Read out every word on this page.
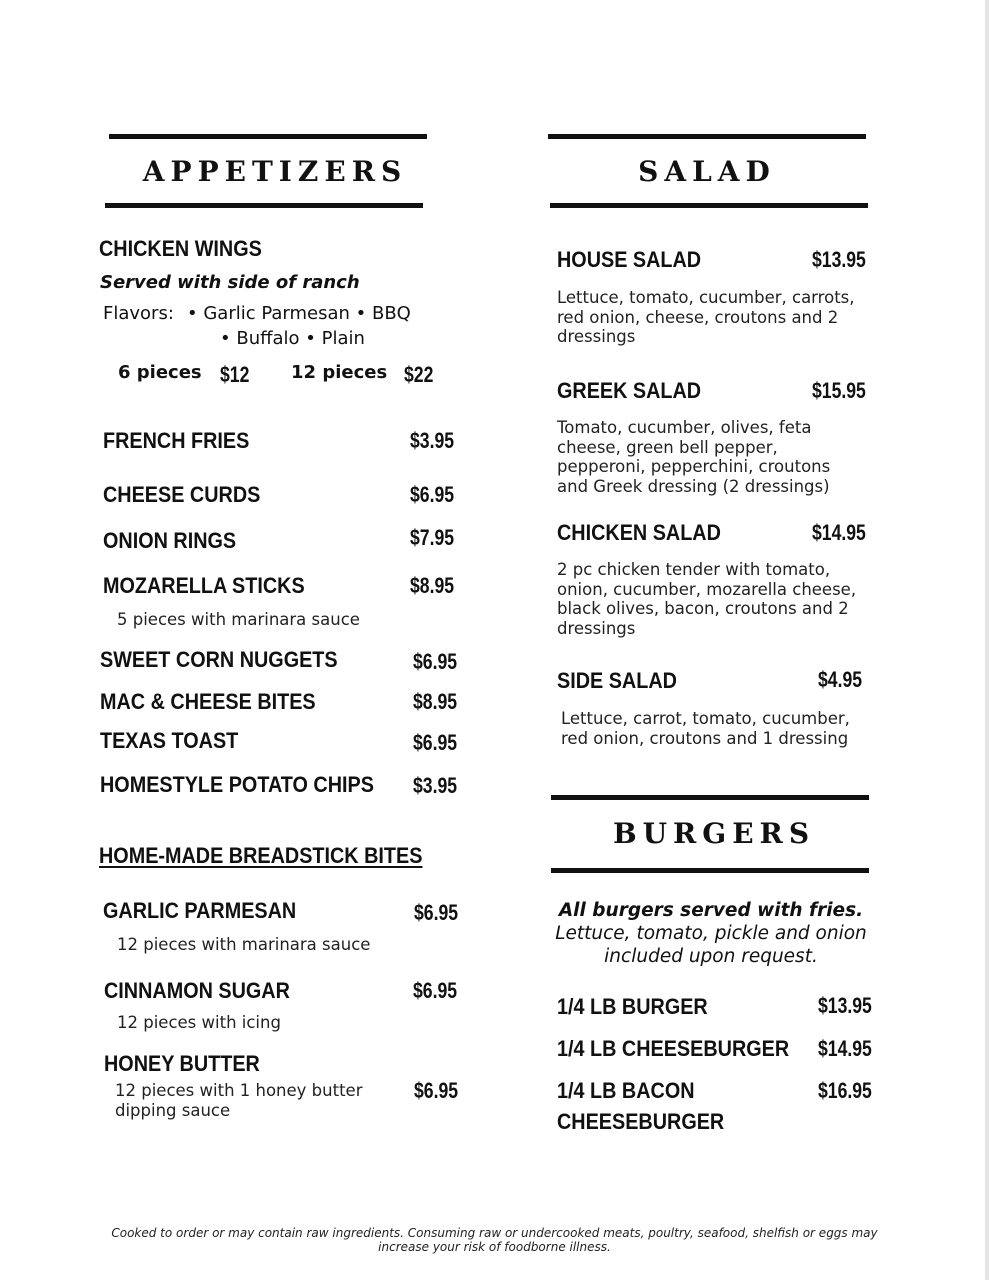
APPETIZERS
CHICKEN WINGS
Served with side of ranch
Flavors: • Garlic Parmesan • BBQ
• Buffalo • Plain
6 pieces $12 12 pieces $22
FRENCH FRIES	$3.95
CHEESE CURDS	$6.95
ONION RINGS	$7.95
MOZARELLA STICKS	$8.95
5 pieces with marinara sauce
SWEET CORN NUGGETS	$6.95
MAC & CHEESE BITES	$8.95
TEXAS TOAST	$6.95
HOMESTYLE POTATO CHIPS $3.95
HOME-MADE BREADSTICK BITES
GARLIC PARMESAN	$6.95
12 pieces with marinara sauce
CINNAMON SUGAR	$6.95
12 pieces with icing
HONEY BUTTER
$6.95
12 pieces with 1 honey butter dipping sauce
SALAD
HOUSE SALAD	$13.95
Lettuce, tomato, cucumber, carrots, red onion, cheese, croutons and 2 dressings
GREEK SALAD	$15.95
Tomato, cucumber, olives, feta cheese, green bell pepper, pepperoni, pepperchini, croutons and Greek dressing (2 dressings)
CHICKEN SALAD	$14.95
2 pc chicken tender with tomato, onion, cucumber, mozarella cheese, black olives, bacon, croutons and 2 dressings
SIDE SALAD	$4.95
Lettuce, carrot, tomato, cucumber, red onion, croutons and 1 dressing
BURGERS
All burgers served with fries.
Lettuce, tomato, pickle and onion
included upon request.
1/4 LB BURGER	$13.95
1/4 LB CHEESEBURGER $14.95
1/4 LB BACON
CHEESEBURGER
$16.95
Cooked to order or may contain raw ingredients. Consuming raw or undercooked meats, poultry, seafood, shelfish or eggs may
increase your risk of foodborne illness.
